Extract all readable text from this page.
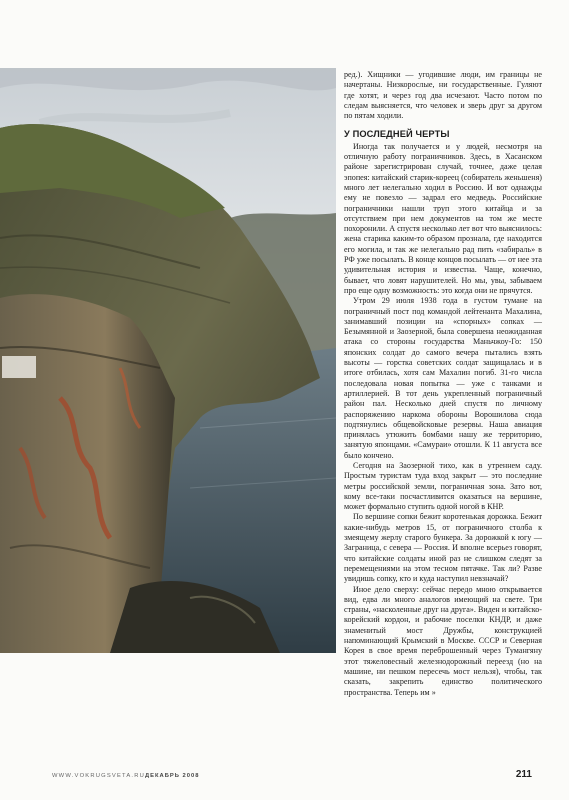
ред.). Хищники — угодившие люди, им границы не начертаны. Низкорослые, ни государственные. Гуляют где хотят, и через год два исчезают. Часто потом по следам выясняется, что человек и зверь друг за другом по пятам ходили.

У ПОСЛЕДНЕЙ ЧЕРТЫ

Иногда так получается и у людей, несмотря на отличную работу пограничников. Здесь, в Хасанском районе зарегистрирован случай, точнее, даже целая эпопея: китайский старик-кореец (собиратель женьшеня) много лет нелегально ходил в Россию. И вот однажды ему не повезло — задрал его медведь. Российские пограничники нашли труп этого китайца и за отсутствием при нем документов на том же месте похоронили. А спустя несколько лет вот что выяснилось: жена старика каким-то образом прознала, где находится его могила, и так же нелегально рад пить «забираль» в РФ уже посылать. В конце концов посылать — от нее эта удивительная история и известна. Чаще, конечно, бывает, что ловят нарушителей. Но мы, увы, забываем про еще одну возможность: это когда они не прячутся.

Утром 29 июля 1938 года в густом тумане на пограничный пост под командой лейтенанта Махалина, занимавший позиции на «спорных» сопках — Безымянной и Заозерной, была совершена неожиданная атака со стороны государства Маньчжоу-Го: 150 японских солдат до самого вечера пытались взять высоты — горстка советских солдат защищалась и в итоге отбилась, хотя сам Махалин погиб. 31-го числа последовала новая попытка — уже с танками и артиллерией. В тот день укрепленный пограничный район пал. Несколько дней спустя по личному распоряжению наркома обороны Ворошилова сюда подтянулись общевойсковые резервы. Наша авиация принялась утюжить бомбами нашу же территорию, занятую японцами. «Самураи» отошли. К 11 августа все было кончено.

Сегодня на Заозерной тихо, как в утреннем саду. Простым туристам туда вход закрыт — это последние метры российской земли, пограничная зона. Зато вот, кому все-таки посчастливится оказаться на вершине, может формально ступить одной ногой в КНР.

По вершине сопки бежит коротенькая дорожка. Бежит какие-нибудь метров 15, от пограничного столба к змеящему жерлу старого бункера. За дорожкой к югу — Заграница, с севера — Россия. И вполне всерьез говорят, что китайские солдаты иной раз не слишком следят за перемещениями на этом тесном пятачке. Так ли? Разве увидишь сопку, кто и куда наступил невзначай?

Иное дело сверху: сейчас передо мною открывается вид, едва ли много аналогов имеющий на свете. Три страны, «насколенные друг на друга». Виден и китайско-корейский кордон, и рабочие поселки КНДР, и даже знаменитый мост Дружбы, конструкцией напоминающий Крымский в Москве. СССР и Северная Корея в свое время переброшенный через Тумангяну этот тяжеловесный железнодорожный переезд (но на машине, ни пешком пересечь мост нельзя), чтобы, так сказать, закрепить единство политического пространства. Теперь им »

WWW.VOKRUGSVETA.RU ДЕКАБРЬ 2008	211
